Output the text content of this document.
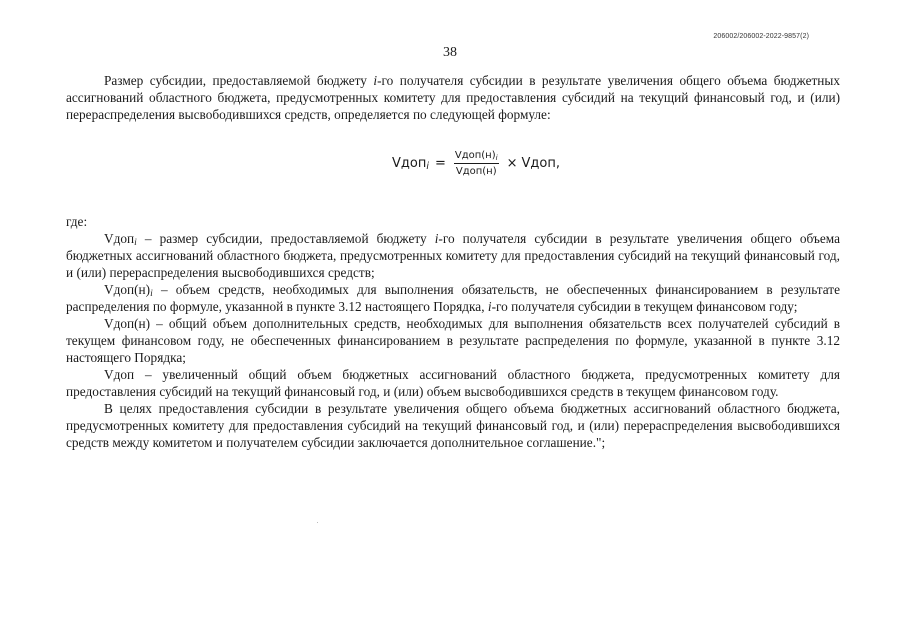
206002/206002-2022-9857(2)
38

Размер субсидии, предоставляемой бюджету i-го получателя субсидии в результате увеличения общего объема бюджетных ассигнований областного бюджета, предусмотренных комитету для предоставления субсидий на текущий финансовый год, и (или) перераспределения высвободившихся средств, определяется по следующей формуле:

Vдоп$_i$ = $\frac{Vдоп(н)_i}{\text{Vдоп(н)}}$ × Vдоп,

где:

Vдоп$_i$ – размер субсидии, предоставляемой бюджету i-го получателя субсидии в результате увеличения общего объема бюджетных ассигнований областного бюджета, предусмотренных комитету для предоставления субсидий на текущий финансовый год, и (или) перераспределения высвободившихся средств;

$Vдоп(н)_i$ – объем средств, необходимых для выполнения обязательств, не обеспеченных финансированием в результате распределения по формуле, указанной в пункте 3.12 настоящего Порядка, i-го получателя субсидии в текущем финансовом году;

Vдоп(н) – общий объем дополнительных средств, необходимых для выполнения обязательств всех получателей субсидий в текущем финансовом году, не обеспеченных финансированием в результате распределения по формуле, указанной в пункте 3.12 настоящего Порядка;

Vдоп – увеличенный общий объем бюджетных ассигнований областного бюджета, предусмотренных комитету для предоставления субсидий на текущий финансовый год, и (или) объем высвободившихся средств в текущем финансовом году.

В целях предоставления субсидии в результате увеличения общего объема бюджетных ассигнований областного бюджета, предусмотренных комитету для предоставления субсидий на текущий финансовый год, и (или) перераспределения высвободившихся средств между комитетом и получателем субсидии заключается дополнительное соглашение.";
